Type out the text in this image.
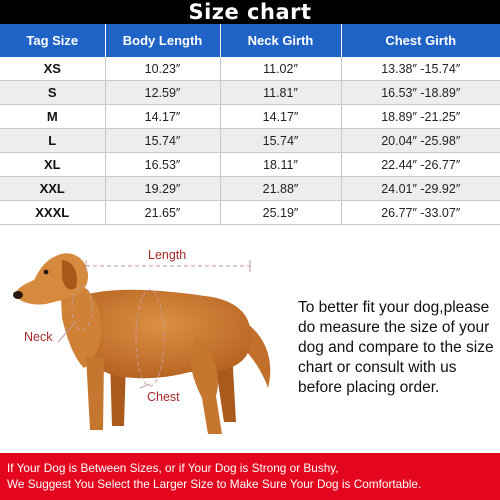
Size chart
Tag Size	Body Length	Neck Girth	Chest Girth
XS	10.23″	11.02″	13.38″ -15.74″
S	12.59″	11.81″	16.53″ -18.89″
M	14.17″	14.17″	18.89″ -21.25″
L	15.74″	15.74″	20.04″ -25.98″
XL	16.53″	18.11″	22.44″ -26.77″
XXL	19.29″	21.88″	24.01″ -29.92″
XXXL	21.65″	25.19″	26.77″ -33.07″
Length
Neck
Chest
To better fit your dog,please do measure the size of your dog and compare to the size chart or consult with us before placing order.
If Your Dog is Between Sizes, or if Your Dog is Strong or Bushy,
We Suggest You Select the Larger Size to Make Sure Your Dog is Comfortable.
